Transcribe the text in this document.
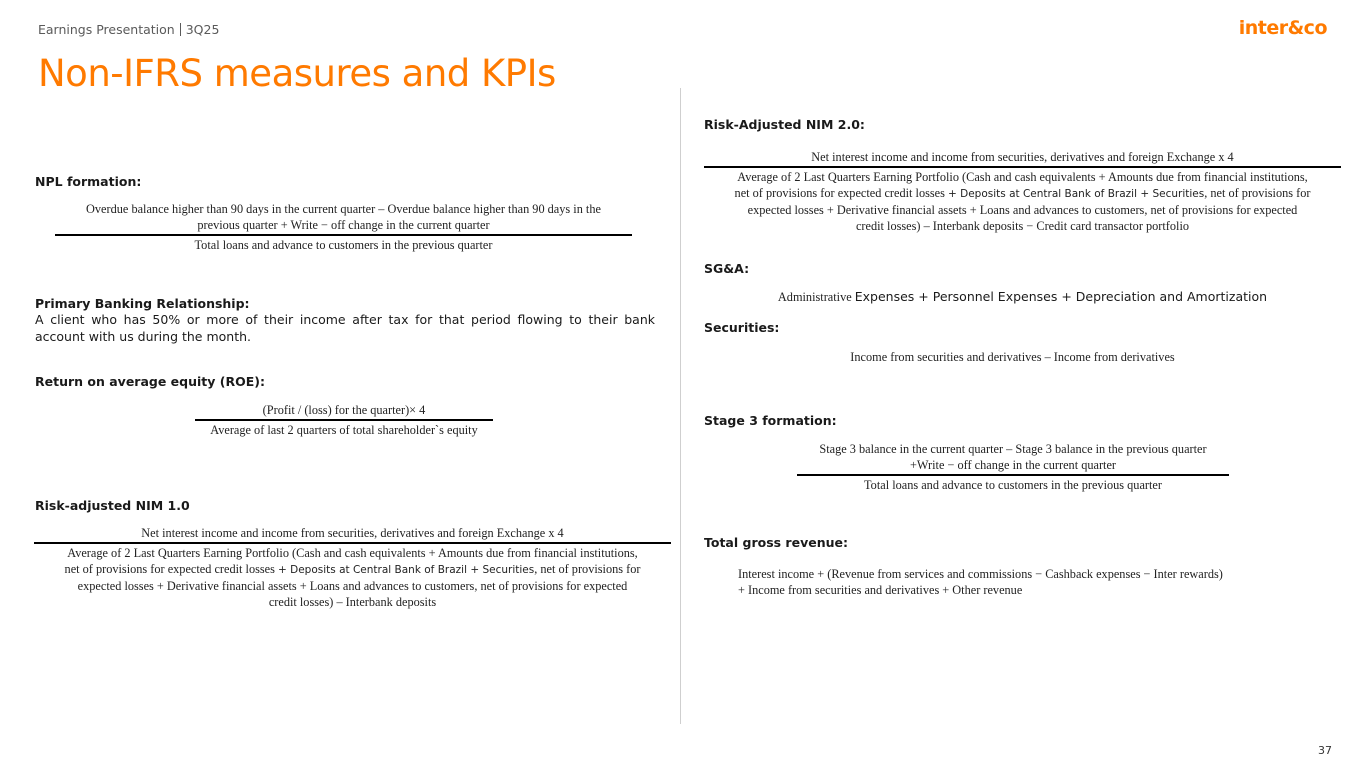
Earnings Presentation 3Q25	inter&co
Non-IFRS measures and KPIs
NPL formation:
Overdue balance higher than 90 days in the current quarter – Overdue balance higher than 90 days in the
previous quarter + Write − off change in the current quarter
Total loans and advance to customers in the previous quarter
Primary Banking Relationship:
A client who has 50% or more of their income after tax for that period flowing to their bank account with us during the month.
Return on average equity (ROE):
(Profit / (loss) for the quarter)× 4
Average of last 2 quarters of total shareholder`s equity
Risk-adjusted NIM 1.0
Net interest income and income from securities, derivatives and foreign Exchange x 4
Average of 2 Last Quarters Earning Portfolio (Cash and cash equivalents + Amounts due from financial institutions,
net of provisions for expected credit losses + Deposits at Central Bank of Brazil + Securities, net of provisions for
expected losses + Derivative financial assets + Loans and advances to customers, net of provisions for expected
credit losses) – Interbank deposits
Risk-Adjusted NIM 2.0:
Net interest income and income from securities, derivatives and foreign Exchange x 4
Average of 2 Last Quarters Earning Portfolio (Cash and cash equivalents + Amounts due from financial institutions,
net of provisions for expected credit losses + Deposits at Central Bank of Brazil + Securities, net of provisions for
expected losses + Derivative financial assets + Loans and advances to customers, net of provisions for expected
credit losses) – Interbank deposits − Credit card transactor portfolio
SG&A:
Administrative Expenses + Personnel Expenses + Depreciation and Amortization
Securities:
Income from securities and derivatives – Income from derivatives
Stage 3 formation:
Stage 3 balance in the current quarter – Stage 3 balance in the previous quarter
+Write − off change in the current quarter
Total loans and advance to customers in the previous quarter
Total gross revenue:
Interest income + (Revenue from services and commissions − Cashback expenses − Inter rewards)
+ Income from securities and derivatives + Other revenue
37
